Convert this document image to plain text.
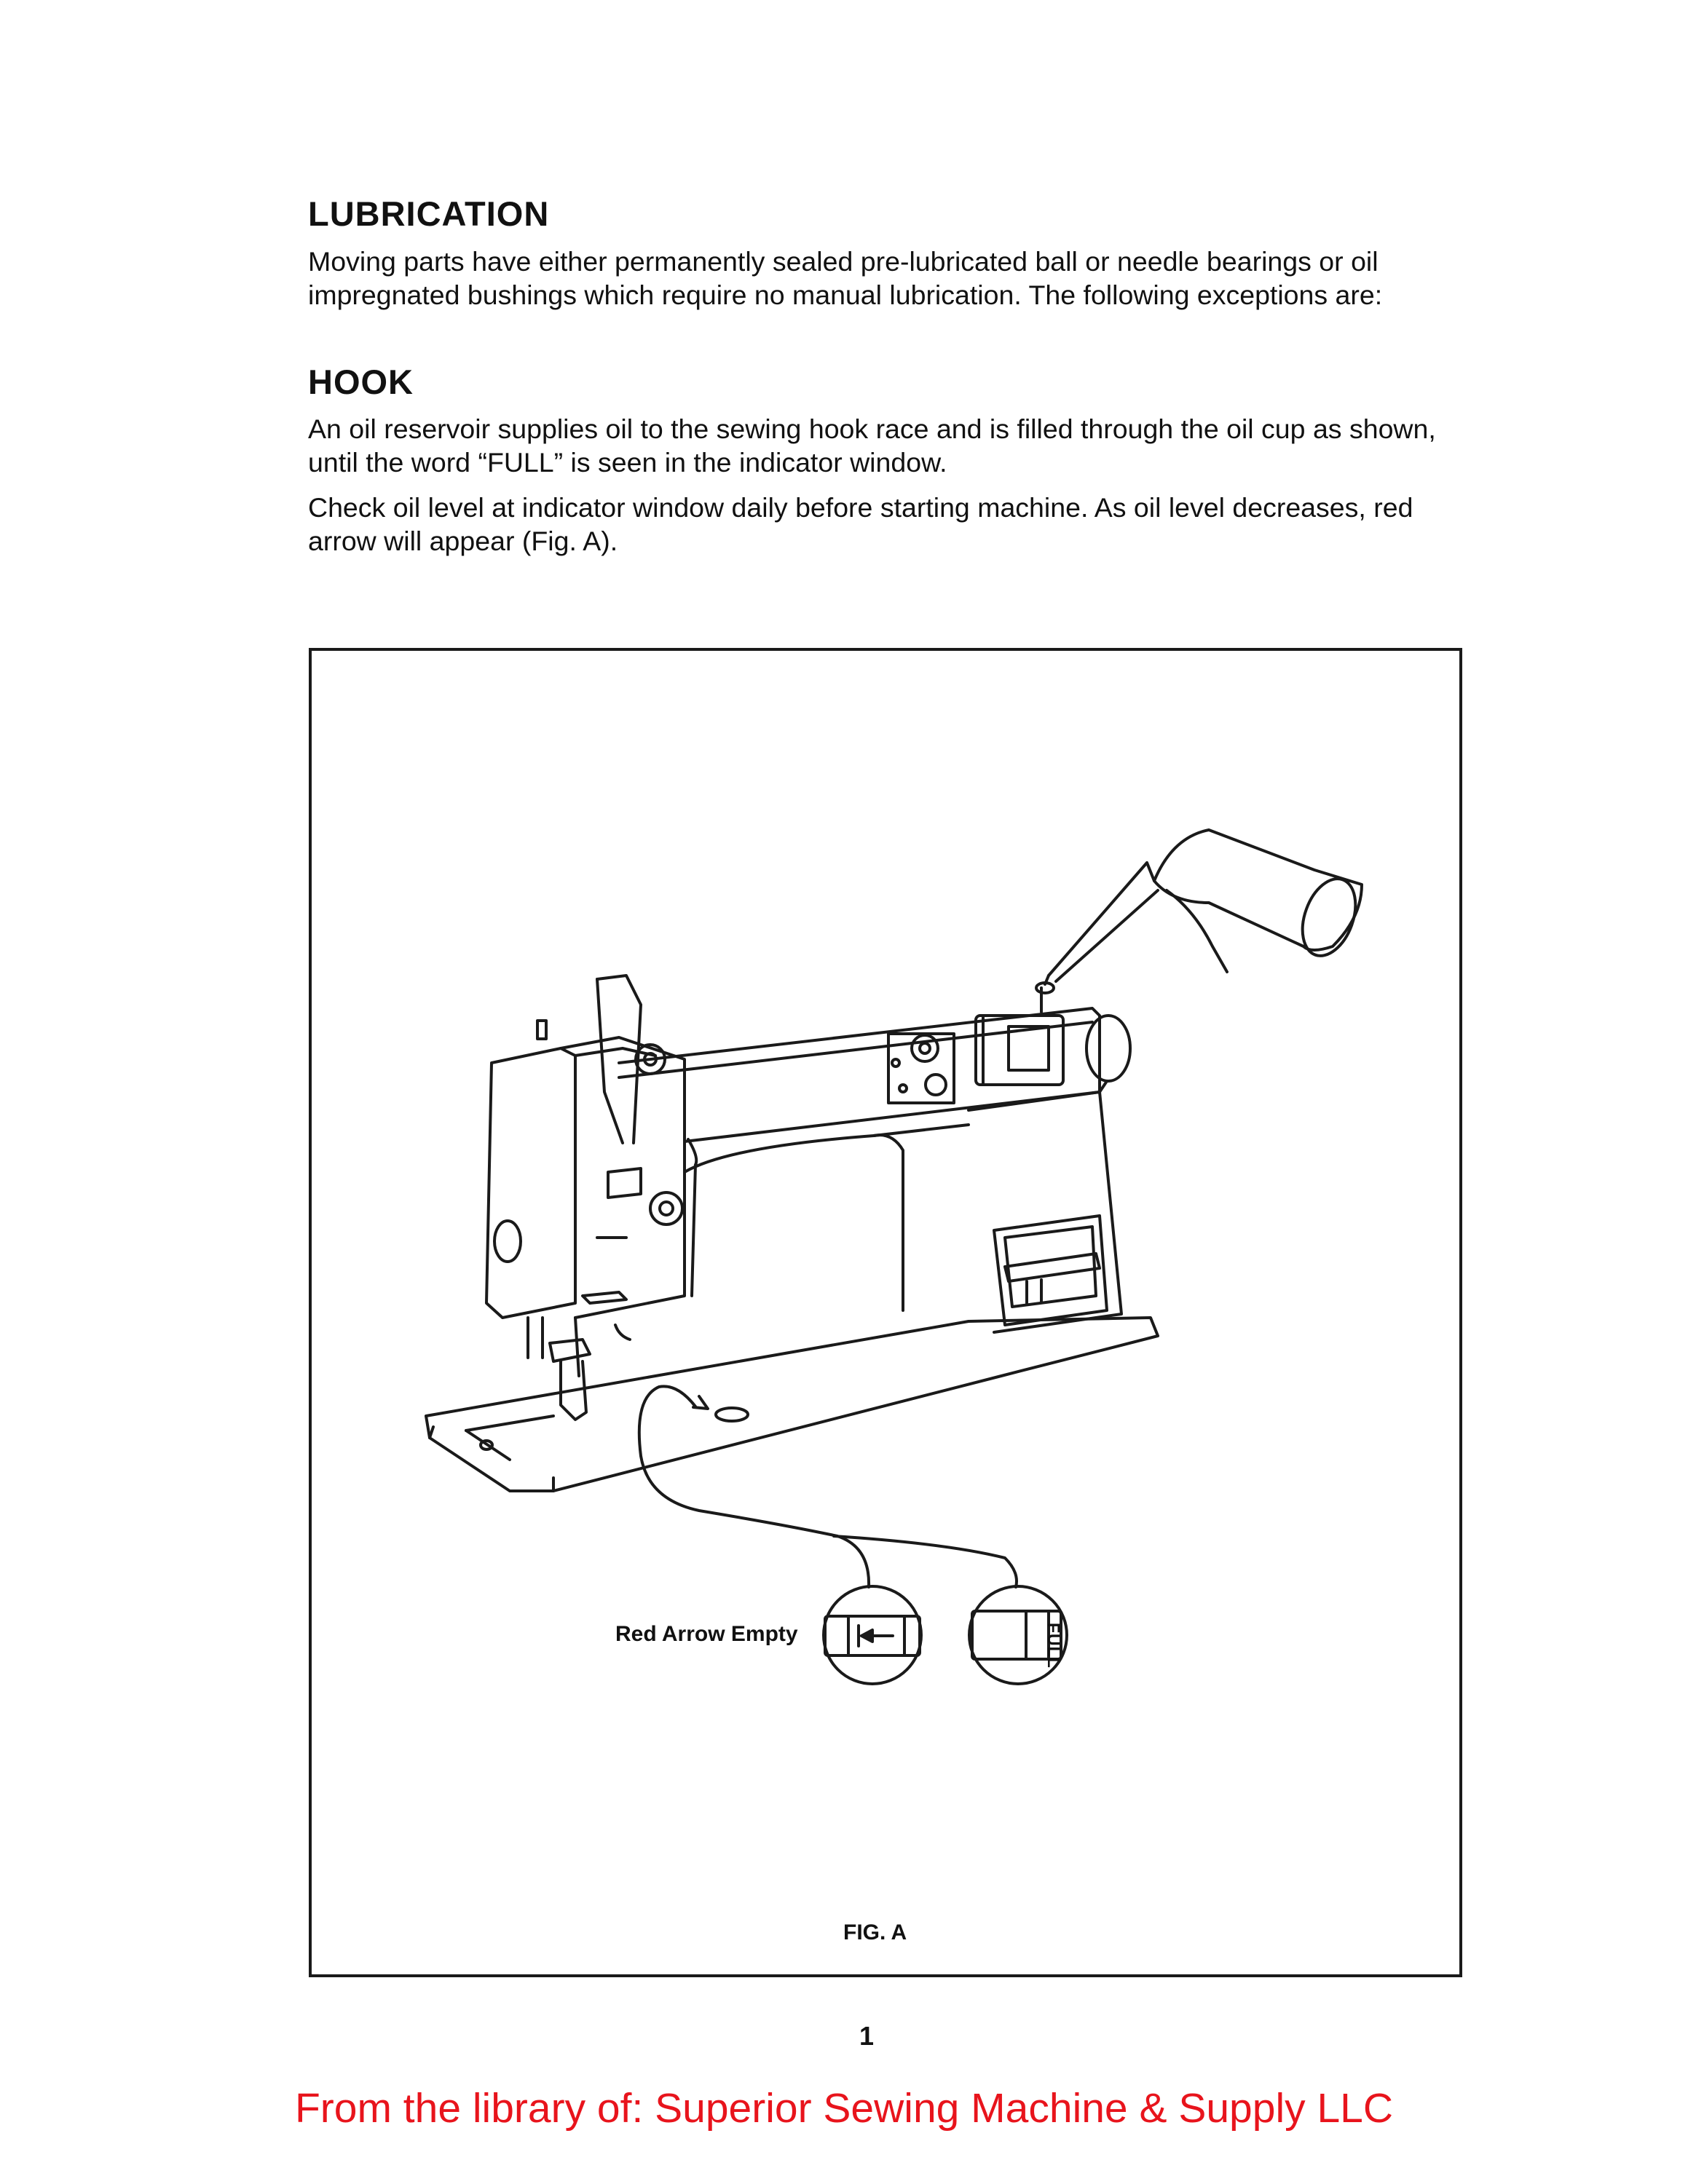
LUBRICATION

Moving parts have either permanently sealed pre-lubricated ball or needle bearings or oil impregnated bushings which require no manual lubrication. The following exceptions are:

HOOK

An oil reservoir supplies oil to the sewing hook race and is filled through the oil cup as shown, until the word “FULL” is seen in the indicator window.

Check oil level at indicator window daily before starting machine. As oil level decreases, red arrow will appear (Fig. A).

Red Arrow Empty	FULL
FIG. A
1
From the library of: Superior Sewing Machine & Supply LLC
